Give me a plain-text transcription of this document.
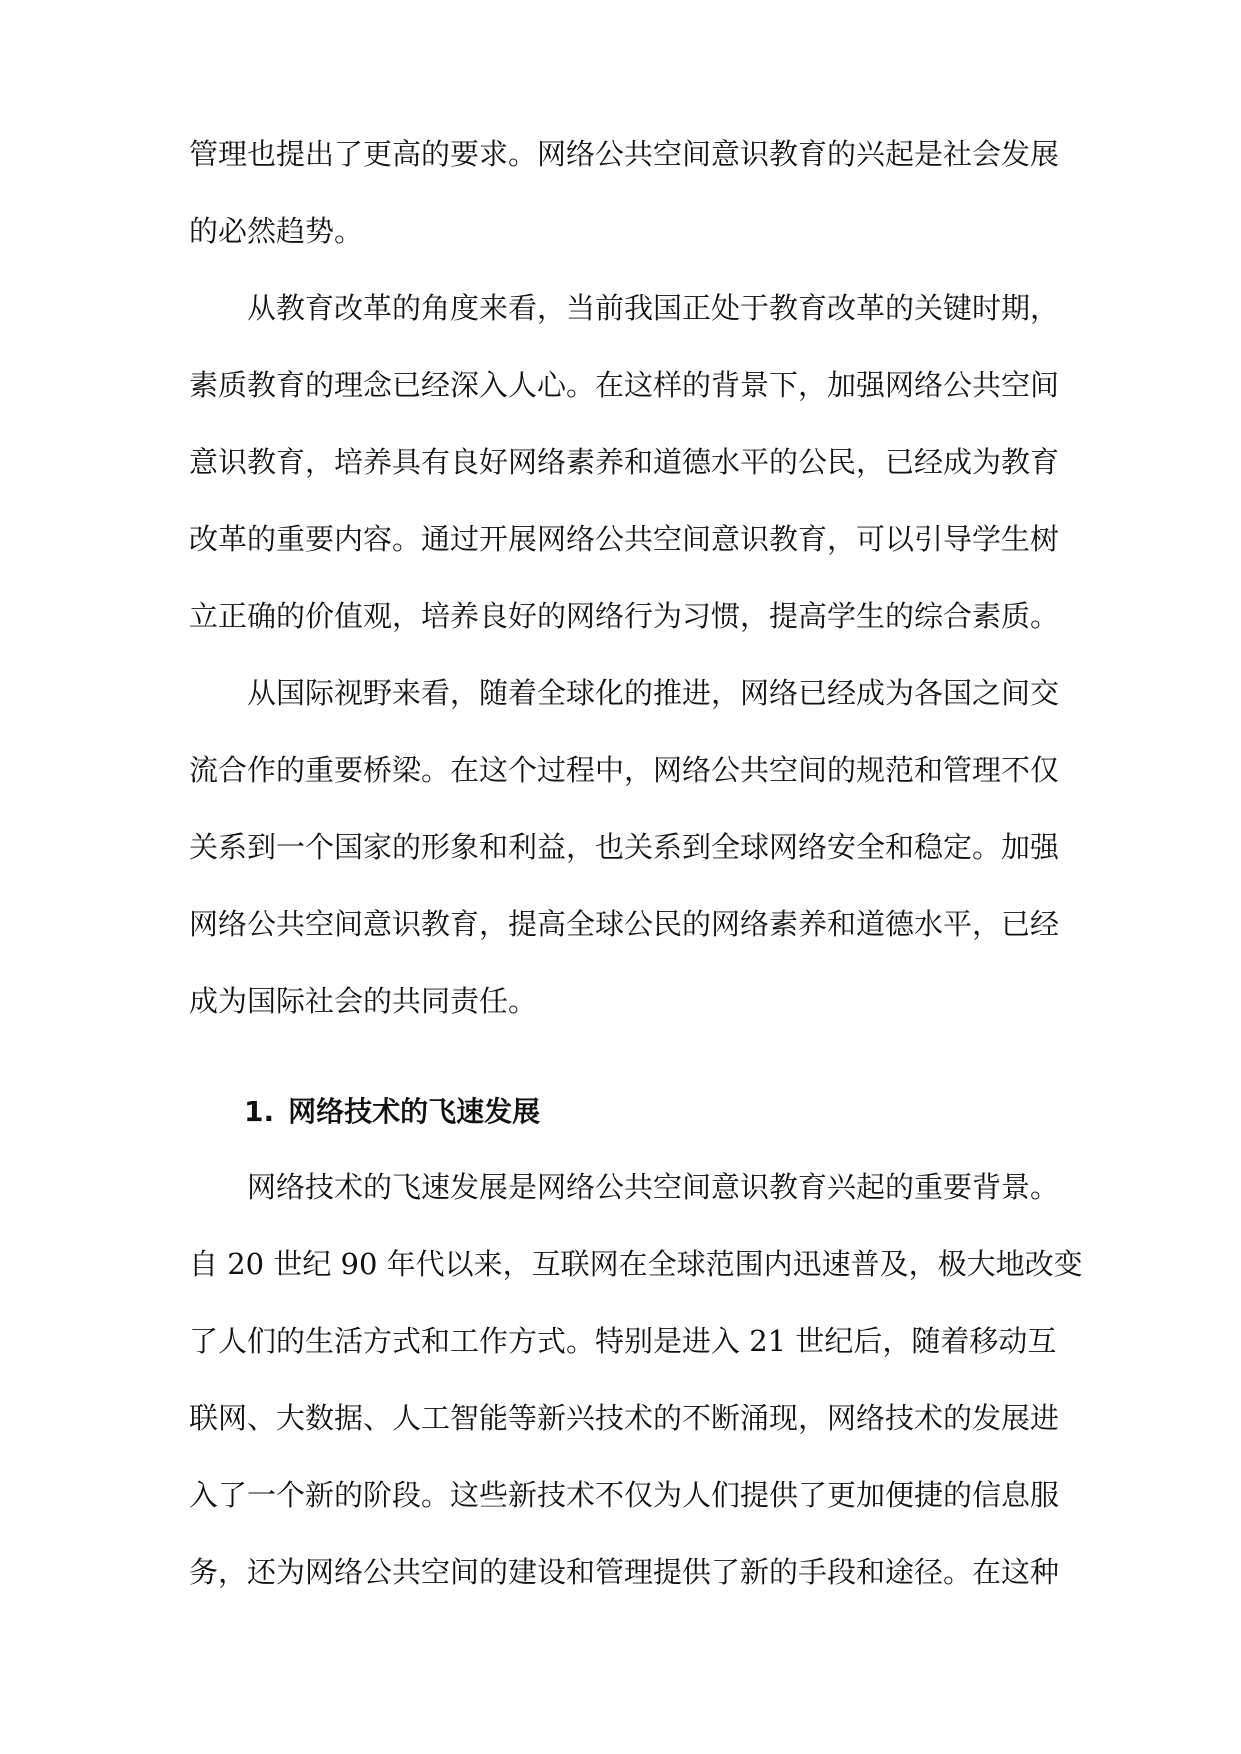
管理也提出了更高的要求。网络公共空间意识教育的兴起是社会发展
的必然趋势。
从教育改革的角度来看，当前我国正处于教育改革的关键时期，
素质教育的理念已经深入人心。在这样的背景下，加强网络公共空间
意识教育，培养具有良好网络素养和道德水平的公民，已经成为教育
改革的重要内容。通过开展网络公共空间意识教育，可以引导学生树
立正确的价值观，培养良好的网络行为习惯，提高学生的综合素质。
从国际视野来看，随着全球化的推进，网络已经成为各国之间交
流合作的重要桥梁。在这个过程中，网络公共空间的规范和管理不仅
关系到一个国家的形象和利益，也关系到全球网络安全和稳定。加强
网络公共空间意识教育，提高全球公民的网络素养和道德水平，已经
成为国际社会的共同责任。
1. 网络技术的飞速发展
网络技术的飞速发展是网络公共空间意识教育兴起的重要背景。
自 20 世纪 90 年代以来，互联网在全球范围内迅速普及，极大地改变
了人们的生活方式和工作方式。特别是进入 21 世纪后，随着移动互
联网、大数据、人工智能等新兴技术的不断涌现，网络技术的发展进
入了一个新的阶段。这些新技术不仅为人们提供了更加便捷的信息服
务，还为网络公共空间的建设和管理提供了新的手段和途径。在这种
